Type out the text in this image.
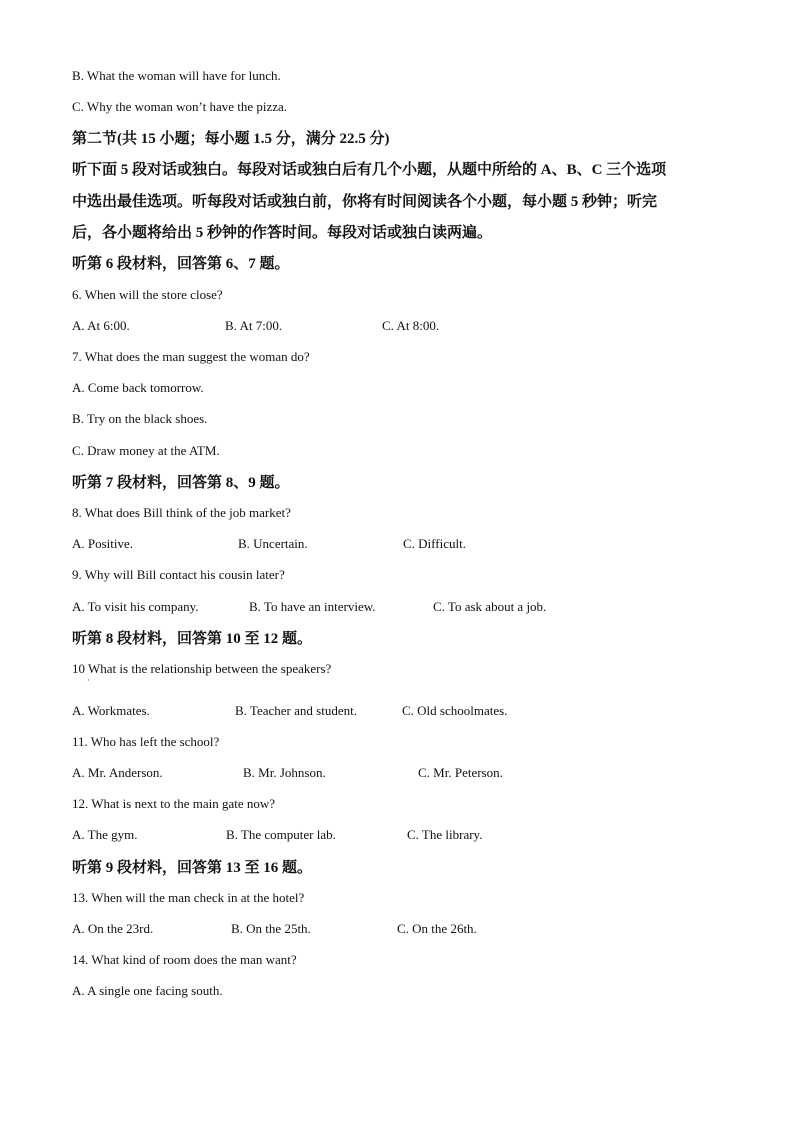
B. What the woman will have for lunch.
C. Why the woman won’t have the pizza.
第二节(共 15 小题；每小题 1.5 分，满分 22.5 分)
听下面 5 段对话或独白。每段对话或独白后有几个小题，从题中所给的 A、B、C 三个选项
中选出最佳选项。听每段对话或独白前，你将有时间阅读各个小题，每小题 5 秒钟；听完
后，各小题将给出 5 秒钟的作答时间。每段对话或独白读两遍。
听第 6 段材料，回答第 6、7 题。
6. When will the store close?
A. At 6:00.	B. At 7:00.	C. At 8:00.
7. What does the man suggest the woman do?
A. Come back tomorrow.
B. Try on the black shoes.
C. Draw money at the ATM.
听第 7 段材料，回答第 8、9 题。
8. What does Bill think of the job market?
A. Positive.	B. Uncertain.	C. Difficult.
9. Why will Bill contact his cousin later?
A. To visit his company.	B. To have an interview.	C. To ask about a job.
听第 8 段材料，回答第 10 至 12 题。
10 What is the relationship between the speakers?
·
A. Workmates.	B. Teacher and student.	C. Old schoolmates.
11. Who has left the school?
A. Mr. Anderson.	B. Mr. Johnson.	C. Mr. Peterson.
12. What is next to the main gate now?
A. The gym.	B. The computer lab.	C. The library.
听第 9 段材料，回答第 13 至 16 题。
13. When will the man check in at the hotel?
A. On the 23rd.	B. On the 25th.	C. On the 26th.
14. What kind of room does the man want?
A. A single one facing south.
